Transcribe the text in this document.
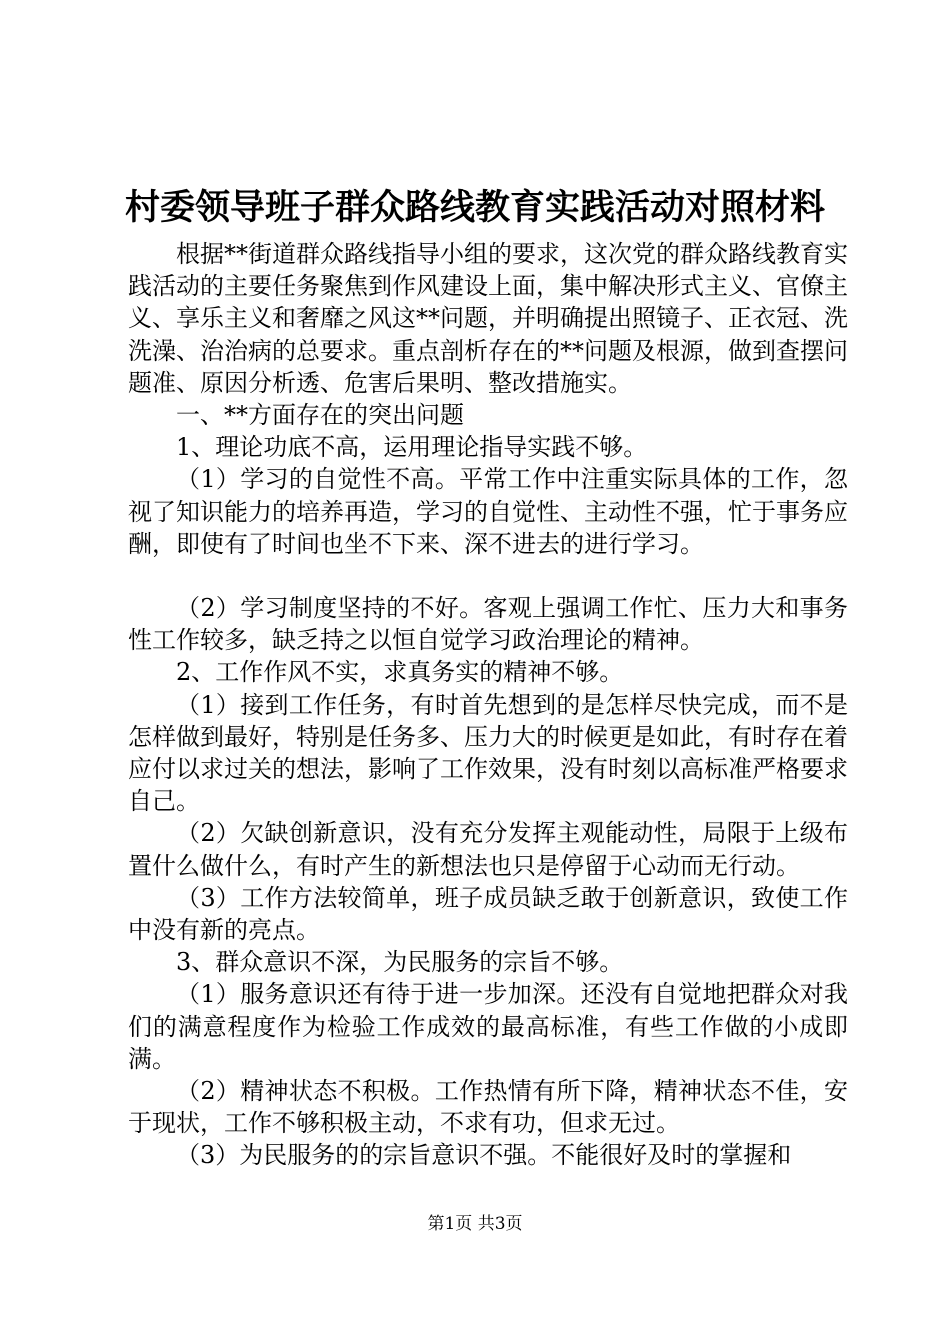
村委领导班子群众路线教育实践活动对照材料

根据**街道群众路线指导小组的要求，这次党的群众路线教育实践活动的主要任务聚焦到作风建设上面，集中解决形式主义、官僚主义、享乐主义和奢靡之风这**问题，并明确提出照镜子、正衣冠、洗洗澡、治治病的总要求。重点剖析存在的**问题及根源，做到查摆问题准、原因分析透、危害后果明、整改措施实。

一、**方面存在的突出问题

1、理论功底不高，运用理论指导实践不够。

（1）学习的自觉性不高。平常工作中注重实际具体的工作，忽视了知识能力的培养再造，学习的自觉性、主动性不强，忙于事务应酬，即使有了时间也坐不下来、深不进去的进行学习。

（2）学习制度坚持的不好。客观上强调工作忙、压力大和事务性工作较多，缺乏持之以恒自觉学习政治理论的精神。

2、工作作风不实，求真务实的精神不够。

（1）接到工作任务，有时首先想到的是怎样尽快完成，而不是怎样做到最好，特别是任务多、压力大的时候更是如此，有时存在着应付以求过关的想法，影响了工作效果，没有时刻以高标准严格要求自己。

（2）欠缺创新意识，没有充分发挥主观能动性，局限于上级布置什么做什么，有时产生的新想法也只是停留于心动而无行动。

（3）工作方法较简单，班子成员缺乏敢于创新意识，致使工作中没有新的亮点。

3、群众意识不深，为民服务的宗旨不够。

（1）服务意识还有待于进一步加深。还没有自觉地把群众对我们的满意程度作为检验工作成效的最高标准，有些工作做的小成即满。

（2）精神状态不积极。工作热情有所下降，精神状态不佳，安于现状，工作不够积极主动，不求有功，但求无过。

（3）为民服务的的宗旨意识不强。不能很好及时的掌握和

第1页 共3页
